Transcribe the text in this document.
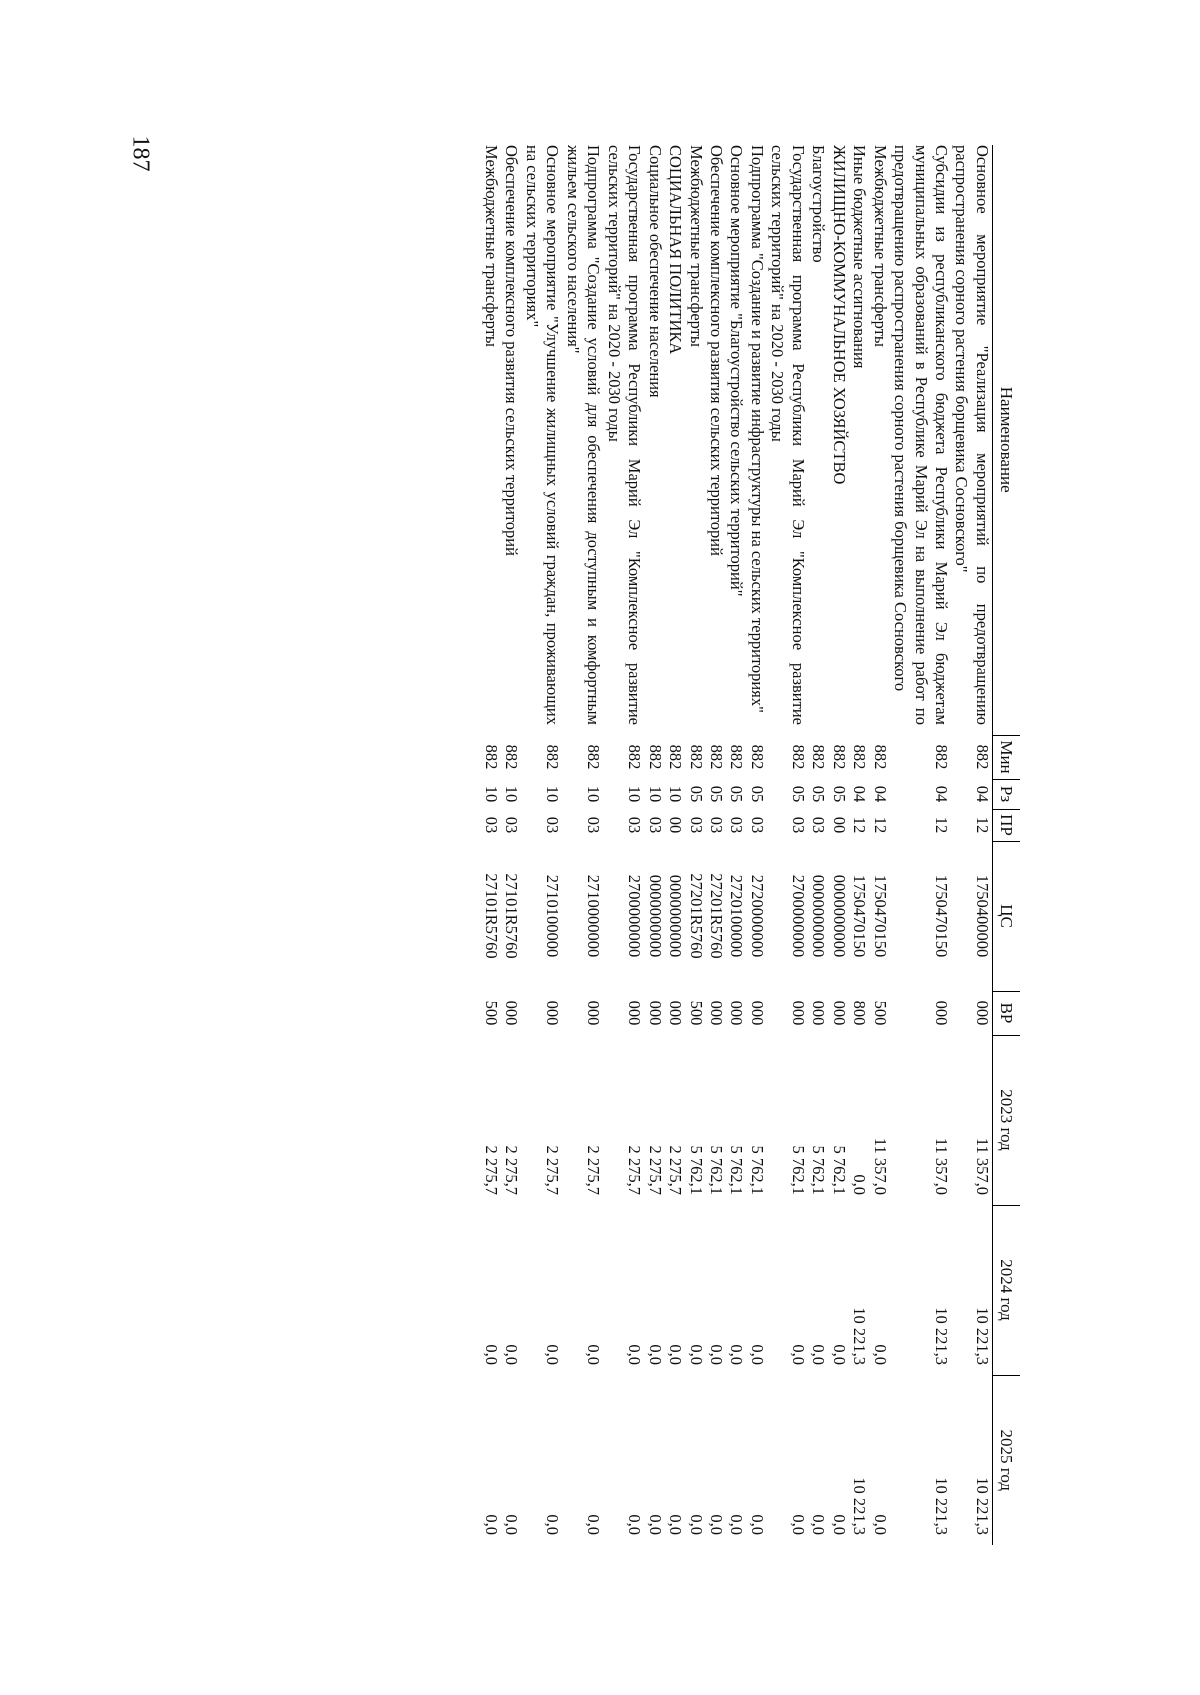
187
Наименование	Мин	Рз	ПР	ЦС	ВР	2023 год	2024 год	2025 год
Основное мероприятие "Реализация мероприятий по предотвращению распространения сорного растения борщевика Сосновского"	882	04	12	1750400000	000	11 357,0	10 221,3	10 221,3
Субсидии из республиканского бюджета Республики Марий Эл бюджетам муниципальных образований в Республике Марий Эл на выполнение работ по предотвращению распространения сорного растения борщевика Сосновского	882	04	12	1750470150	000	11 357,0	10 221,3	10 221,3
Межбюджетные трансферты	882	04	12	1750470150	500	11 357,0	0,0	0,0
Иные бюджетные ассигнования	882	04	12	1750470150	800	0,0	10 221,3	10 221,3
ЖИЛИЩНО-КОММУНАЛЬНОЕ ХОЗЯЙСТВО	882	05	00	0000000000	000	5 762,1	0,0	0,0
Благоустройство	882	05	03	0000000000	000	5 762,1	0,0	0,0
Государственная программа Республики Марий Эл "Комплексное развитие сельских территорий" на 2020 - 2030 годы	882	05	03	2700000000	000	5 762,1	0,0	0,0
Подпрограмма "Создание и развитие инфраструктуры на сельских территориях"	882	05	03	2720000000	000	5 762,1	0,0	0,0
Основное мероприятие "Благоустройство сельских территорий"	882	05	03	2720100000	000	5 762,1	0,0	0,0
Обеспечение комплексного развития сельских территорий	882	05	03	27201R5760	000	5 762,1	0,0	0,0
Межбюджетные трансферты	882	05	03	27201R5760	500	5 762,1	0,0	0,0
СОЦИАЛЬНАЯ ПОЛИТИКА	882	10	00	0000000000	000	2 275,7	0,0	0,0
Социальное обеспечение населения	882	10	03	0000000000	000	2 275,7	0,0	0,0
Государственная программа Республики Марий Эл "Комплексное развитие сельских территорий" на 2020 - 2030 годы	882	10	03	2700000000	000	2 275,7	0,0	0,0
Подпрограмма "Создание условий для обеспечения доступным и комфортным жильем сельского населения"	882	10	03	2710000000	000	2 275,7	0,0	0,0
Основное мероприятие "Улучшение жилищных условий граждан, проживающих на сельских территориях"	882	10	03	2710100000	000	2 275,7	0,0	0,0
Обеспечение комплексного развития сельских территорий	882	10	03	27101R5760	000	2 275,7	0,0	0,0
Межбюджетные трансферты	882	10	03	27101R5760	500	2 275,7	0,0	0,0
